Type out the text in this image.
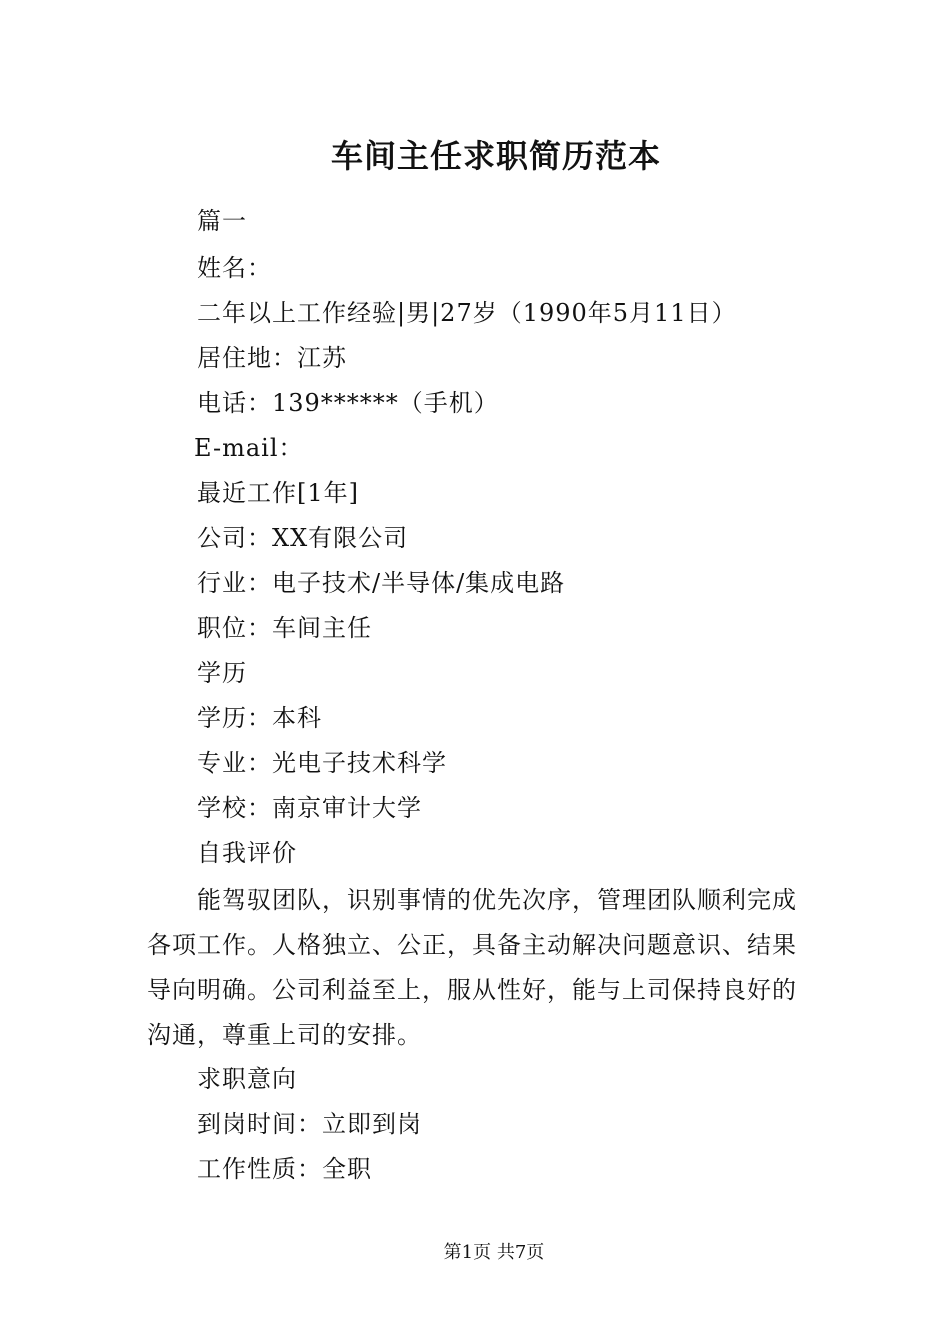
车间主任求职简历范本
篇一
姓名：
二年以上工作经验|男|27岁（1990年5月11日）
居住地：江苏
电话：139******（手机）
E-mail：
最近工作[1年]
公司：XX有限公司
行业：电子技术/半导体/集成电路
职位：车间主任
学历
学历：本科
专业：光电子技术科学
学校：南京审计大学
自我评价

能驾驭团队，识别事情的优先次序，管理团队顺利完成各项工作。人格独立、公正，具备主动解决问题意识、结果导向明确。公司利益至上，服从性好，能与上司保持良好的沟通，尊重上司的安排。

求职意向
到岗时间：立即到岗
工作性质：全职
第1页 共7页
